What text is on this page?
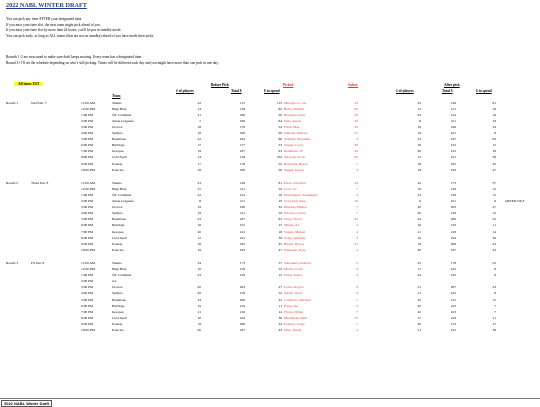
2022 NABL WINTER DRAFT
You can pick any time AFTER your designated time.
If you miss your time slot, the next team might pick ahead of you.
If you miss your time slot by more than 24 hours, you'll be put in standby mode.
You can pick early, as long as ALL teams (that are not on standby) ahead of you have made their picks.
Rounds 1-2 are structured to make sure draft keeps moving. Every team has a designated time.
Round 3+ I'll set the schedule depending on who's still picking. Times will be different each day and you might have more than one pick in one day.
All times EST	Before Pick	Picked	Salary	After pick
# of players	Total $	$ to spend	# of players	Total $	$ to spend
Team
Round 1	Wed Dec 7	11:00 AM	Sharks	22	115	115 Minogrovo, Joe	34	23	149	81
12:00 PM	High Heat	14	148	82 Bello, Maikito	63	15	211	19
1:00 PM	StL Cardinals	21	180	50 Bergman, Alex	34	22	214	16
2:00 PM	Texas Leaguers	7	166	64 Nola, Aaron	45	8	211	19
3:00 PM	Groove	18	176	54 Fried, Max	20	19	196	34
4:00 PM	Spiders	18	190	40 Samson, Marcus	31	19	221	9
5:00 PM	Batemans	22	164	66 Yoshida, Masataka	3	23	167	63
6:00 PM	Bulldogs	17	177	53 Seager, Corey	38	18	215	15
7:00 PM	Isotopes	19	167	63 Realmuto, JT	43	20	212	18
8:00 PM	Cold Spell	14	128	102 deGrom, Jacob	63	15	191	39
9:00 PM	Ponson	17	178	52 Reynolds, Bryan	7	18	185	45
10:00 PM	Polecats	18	180	50 Seager, Kolen	3	19	183	47
Round 2	Thurs Dec 8	11:00 AM	Sharks	23	149	81 Perez, Salvador	24	24	173	57
12:00 PM	High Heat	15	211	19 Cron, CJ	7	16	218	12
1:00 PM	StL Cardinals	22	214	16 Dominguez, Seranthony	4	23	218	12
2:00 PM	Texas Leaguers	8	211	19 Crawford, Jake	10	9	221	9	OPTED OUT
3:00 PM	Groove	19	196	34 Bautista, Hunter	7	20	203	27
4:00 PM	Spiders	19	211	19 Estevez, Carlos	7	20	218	12
5:00 PM	Batemans	23	167	63 Story, Trevor	43	24	200	22
6:00 PM	Bulldogs	18	215	15 Minter, AJ	4	19	219	11
7:00 PM	Isotopes	20	212	18 Vargas, Miguel	4	21	216	14
8:00 PM	Cold Spell	15	191	39 Volpe, Anthony	3	16	194	36
9:00 PM	Ponson	18	185	45 Bieber, Byron	21	19	206	24
10:00 PM	Polecats	19	183	47 Finnegan, Kyle	4	20	187	43
Round 3	Fri Dec 9	11:00 AM	Sharks	24	173	57 Santander, Anthony	5	25	178	52
12:00 PM	High Heat	16	218	12 Morris, Cody	4	17	222	8
1:00 PM	StL Cardinals	23	218	12 Ward, Taylor	4	24	222	8
2:00 PM	n/a
3:00 PM	Groove	20	203	27 Lewis, Royce	4	21	207	23
4:00 PM	Spiders	20	218	12 Adam, Jason	4	21	222	8
5:00 PM	Batemans	24	208	22 Comforto, Michael	7	25	215	15
6:00 PM	Bulldogs	19	219	11 Hopp, Ian	4	20	223	7
7:00 PM	Isotopes	21	216	14 Flores, Dylan	7	22	223	7
8:00 PM	Cold Spell	16	194	36 Merrifield, Whit	25	17	219	11
9:00 PM	Ponson	19	206	24 Polanco, Jorge	7	20	213	17
10:00 PM	Polecats	20	187	43 Diaz, Yandy	4	21	191	39
2022 NABL Winter Draft
